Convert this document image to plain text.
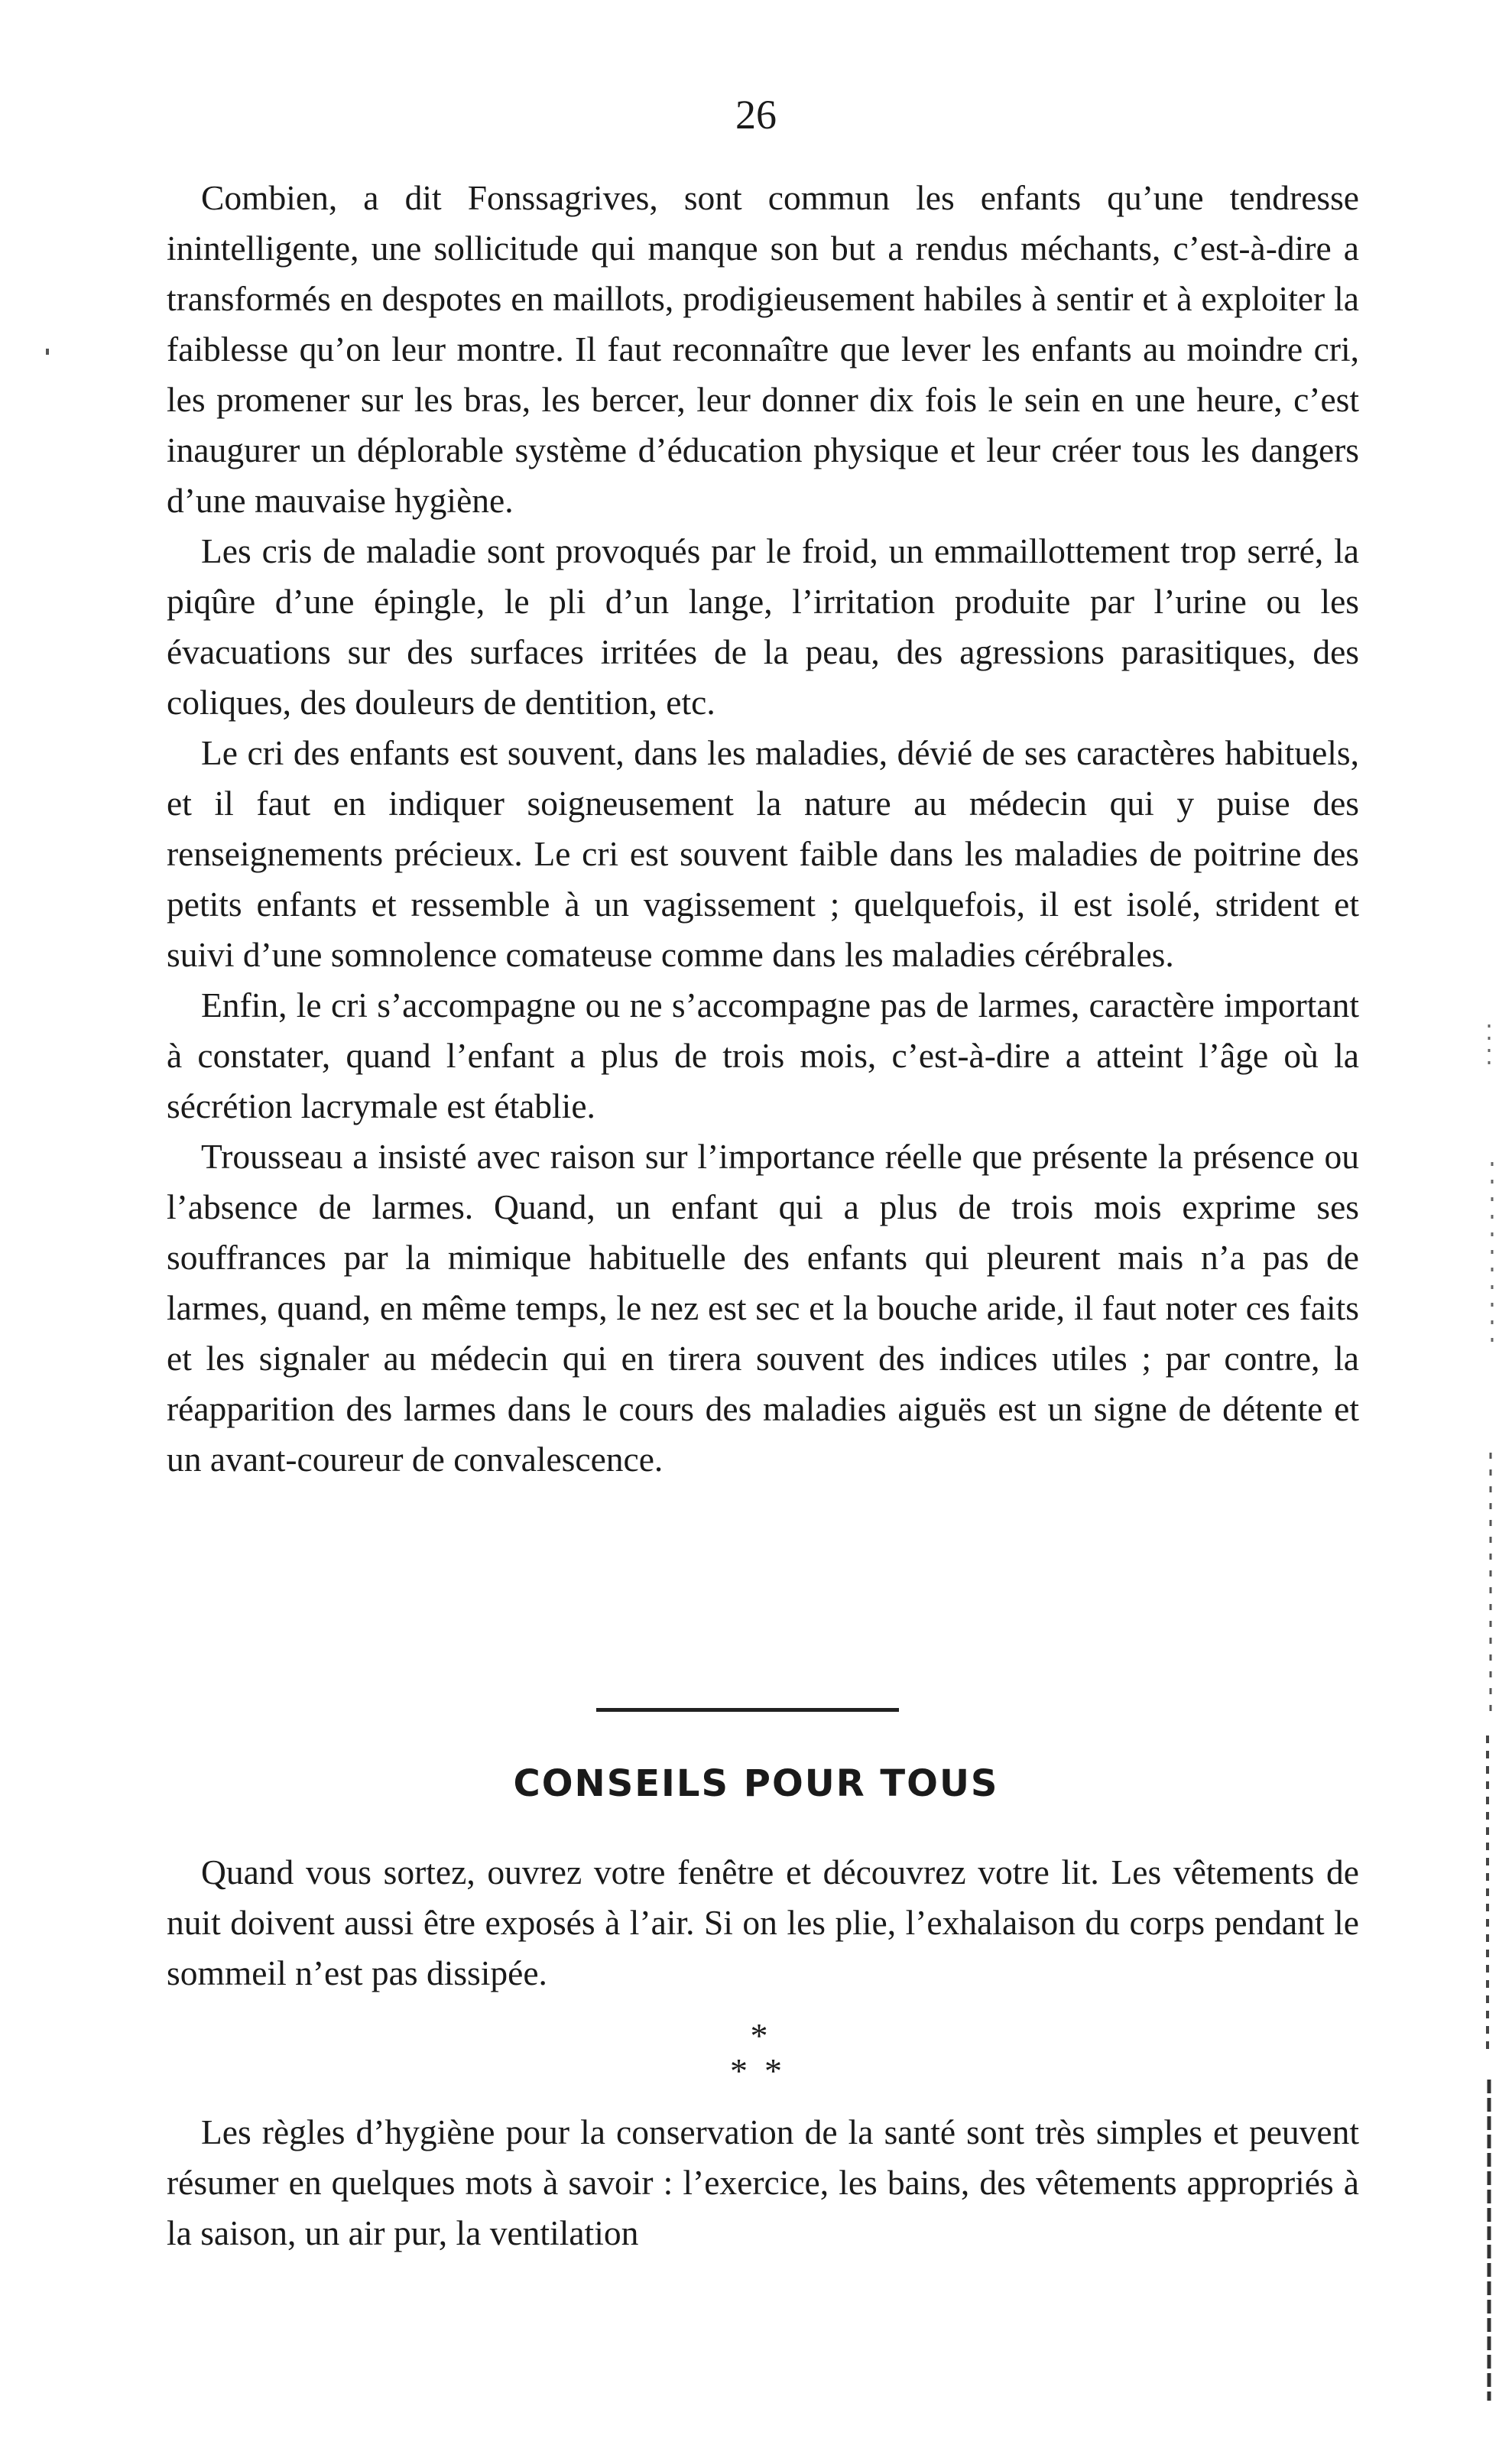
26

Combien, a dit Fonssagrives, sont commun les enfants qu’une tendresse inintelligente, une sollicitude qui manque son but a rendus méchants, c’est-à-dire a transformés en despotes en maillots, prodigieusement habiles à sentir et à exploiter la faiblesse qu’on leur montre. Il faut reconnaître que lever les enfants au moindre cri, les promener sur les bras, les bercer, leur donner dix fois le sein en une heure, c’est inaugurer un déplorable système d’éducation physique et leur créer tous les dangers d’une mauvaise hygiène.

Les cris de maladie sont provoqués par le froid, un emmaillottement trop serré, la piqûre d’une épingle, le pli d’un lange, l’irritation produite par l’urine ou les évacuations sur des surfaces irritées de la peau, des agressions parasitiques, des coliques, des douleurs de dentition, etc.

Le cri des enfants est souvent, dans les maladies, dévié de ses caractères habituels, et il faut en indiquer soigneusement la nature au médecin qui y puise des renseignements précieux. Le cri est souvent faible dans les maladies de poitrine des petits enfants et ressemble à un vagissement ; quelquefois, il est isolé, strident et suivi d’une somnolence comateuse comme dans les maladies cérébrales.

Enfin, le cri s’accompagne ou ne s’accompagne pas de larmes, caractère important à constater, quand l’enfant a plus de trois mois, c’est-à-dire a atteint l’âge où la sécrétion lacrymale est établie.

Trousseau a insisté avec raison sur l’importance réelle que présente la présence ou l’absence de larmes. Quand, un enfant qui a plus de trois mois exprime ses souffrances par la mimique habituelle des enfants qui pleurent mais n’a pas de larmes, quand, en même temps, le nez est sec et la bouche aride, il faut noter ces faits et les signaler au médecin qui en tirera souvent des indices utiles ; par contre, la réapparition des larmes dans le cours des maladies aiguës est un signe de détente et un avant-coureur de convalescence.

CONSEILS POUR TOUS

Quand vous sortez, ouvrez votre fenêtre et découvrez votre lit. Les vêtements de nuit doivent aussi être exposés à l’air. Si on les plie, l’exhalaison du corps pendant le sommeil n’est pas dissipée.

*
**

Les règles d’hygiène pour la conservation de la santé sont très simples et peuvent résumer en quelques mots à savoir : l’exercice, les bains, des vêtements appropriés à la saison, un air pur, la ventilation
